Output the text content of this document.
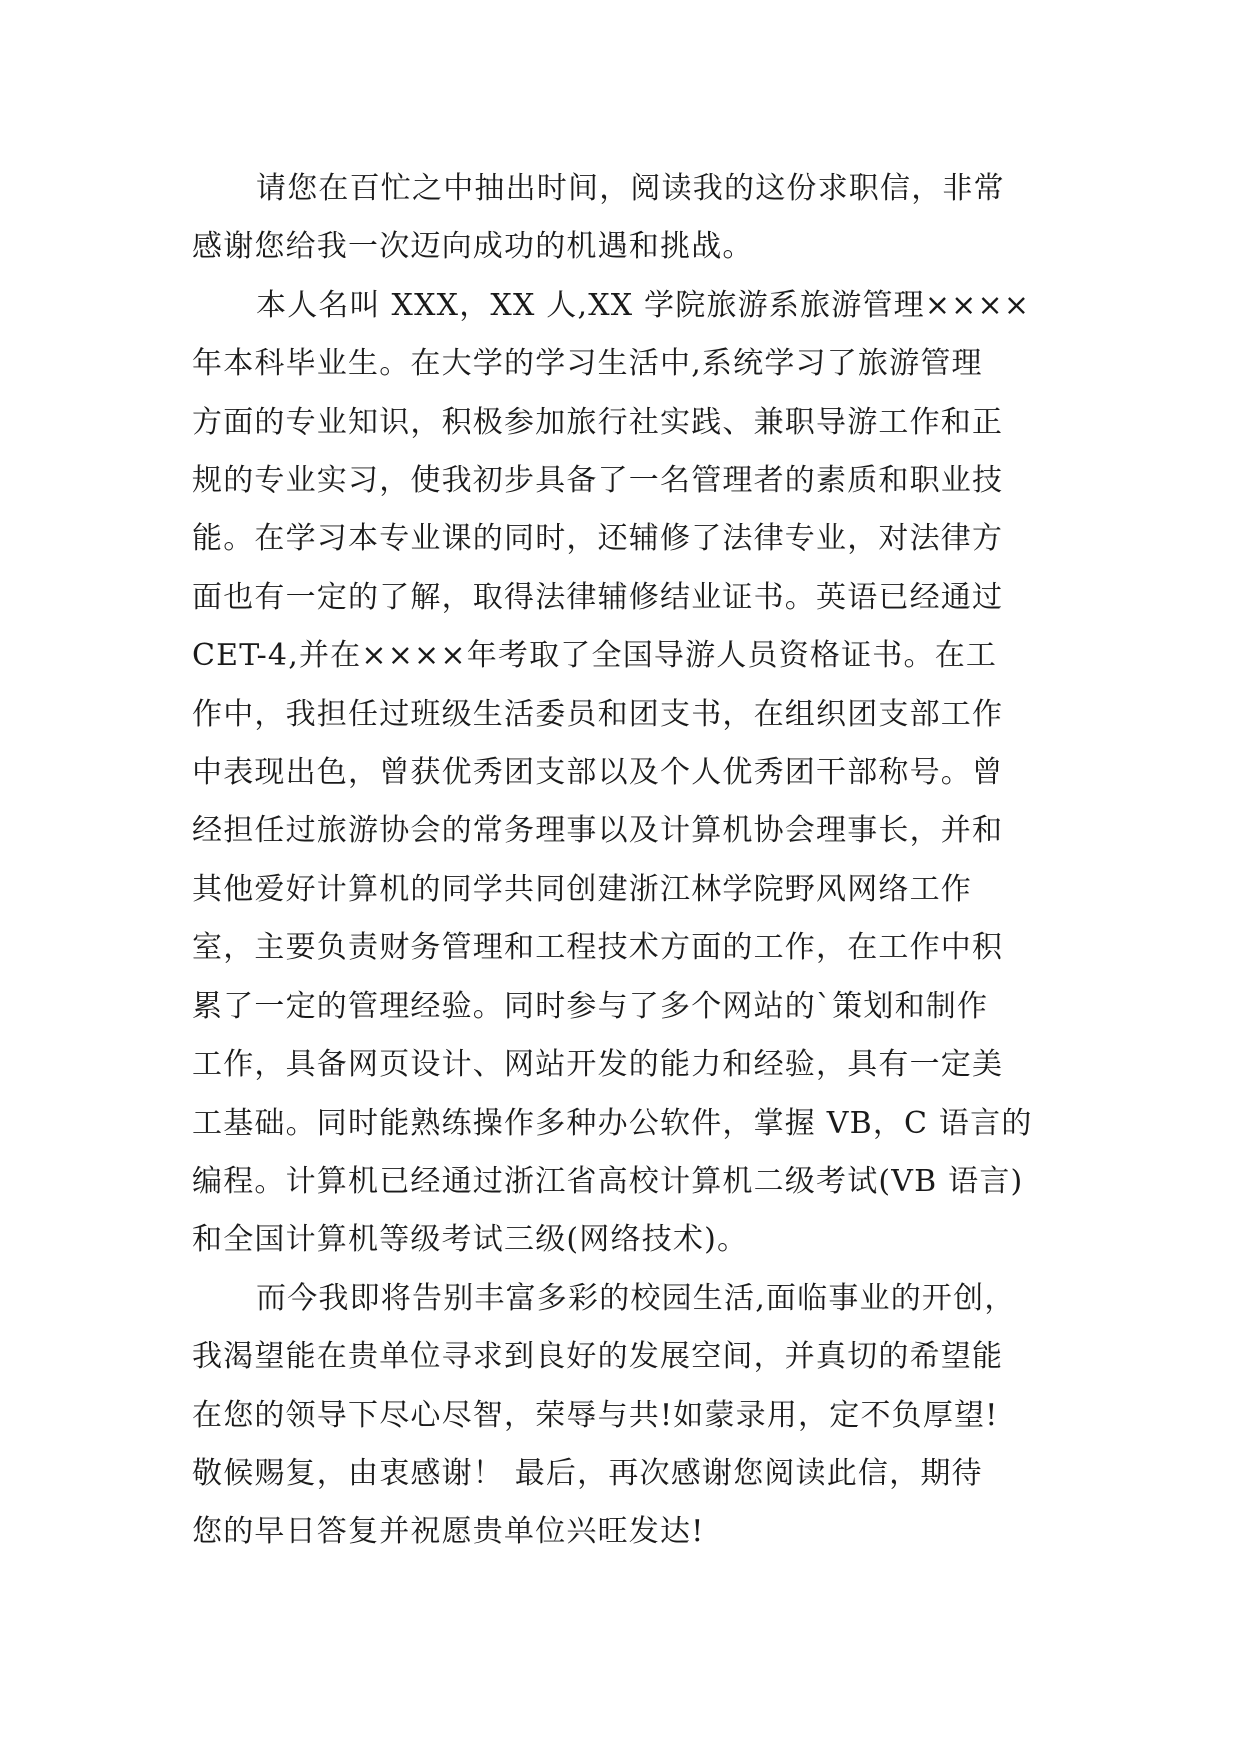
请您在百忙之中抽出时间，阅读我的这份求职信，非常
感谢您给我一次迈向成功的机遇和挑战。

本人名叫 XXX，XX 人,XX 学院旅游系旅游管理××××
年本科毕业生。在大学的学习生活中,系统学习了旅游管理
方面的专业知识，积极参加旅行社实践、兼职导游工作和正
规的专业实习，使我初步具备了一名管理者的素质和职业技
能。在学习本专业课的同时，还辅修了法律专业，对法律方
面也有一定的了解，取得法律辅修结业证书。英语已经通过
CET-4,并在××××年考取了全国导游人员资格证书。在工
作中，我担任过班级生活委员和团支书，在组织团支部工作
中表现出色，曾获优秀团支部以及个人优秀团干部称号。曾
经担任过旅游协会的常务理事以及计算机协会理事长，并和
其他爱好计算机的同学共同创建浙江林学院野风网络工作
室，主要负责财务管理和工程技术方面的工作，在工作中积
累了一定的管理经验。同时参与了多个网站的`策划和制作
工作，具备网页设计、网站开发的能力和经验，具有一定美
工基础。同时能熟练操作多种办公软件，掌握 VB，C 语言的
编程。计算机已经通过浙江省高校计算机二级考试(VB 语言)
和全国计算机等级考试三级(网络技术)。

而今我即将告别丰富多彩的校园生活,面临事业的开创，
我渴望能在贵单位寻求到良好的发展空间，并真切的希望能
在您的领导下尽心尽智，荣辱与共!如蒙录用，定不负厚望!
敬候赐复，由衷感谢！ 最后，再次感谢您阅读此信，期待
您的早日答复并祝愿贵单位兴旺发达!
